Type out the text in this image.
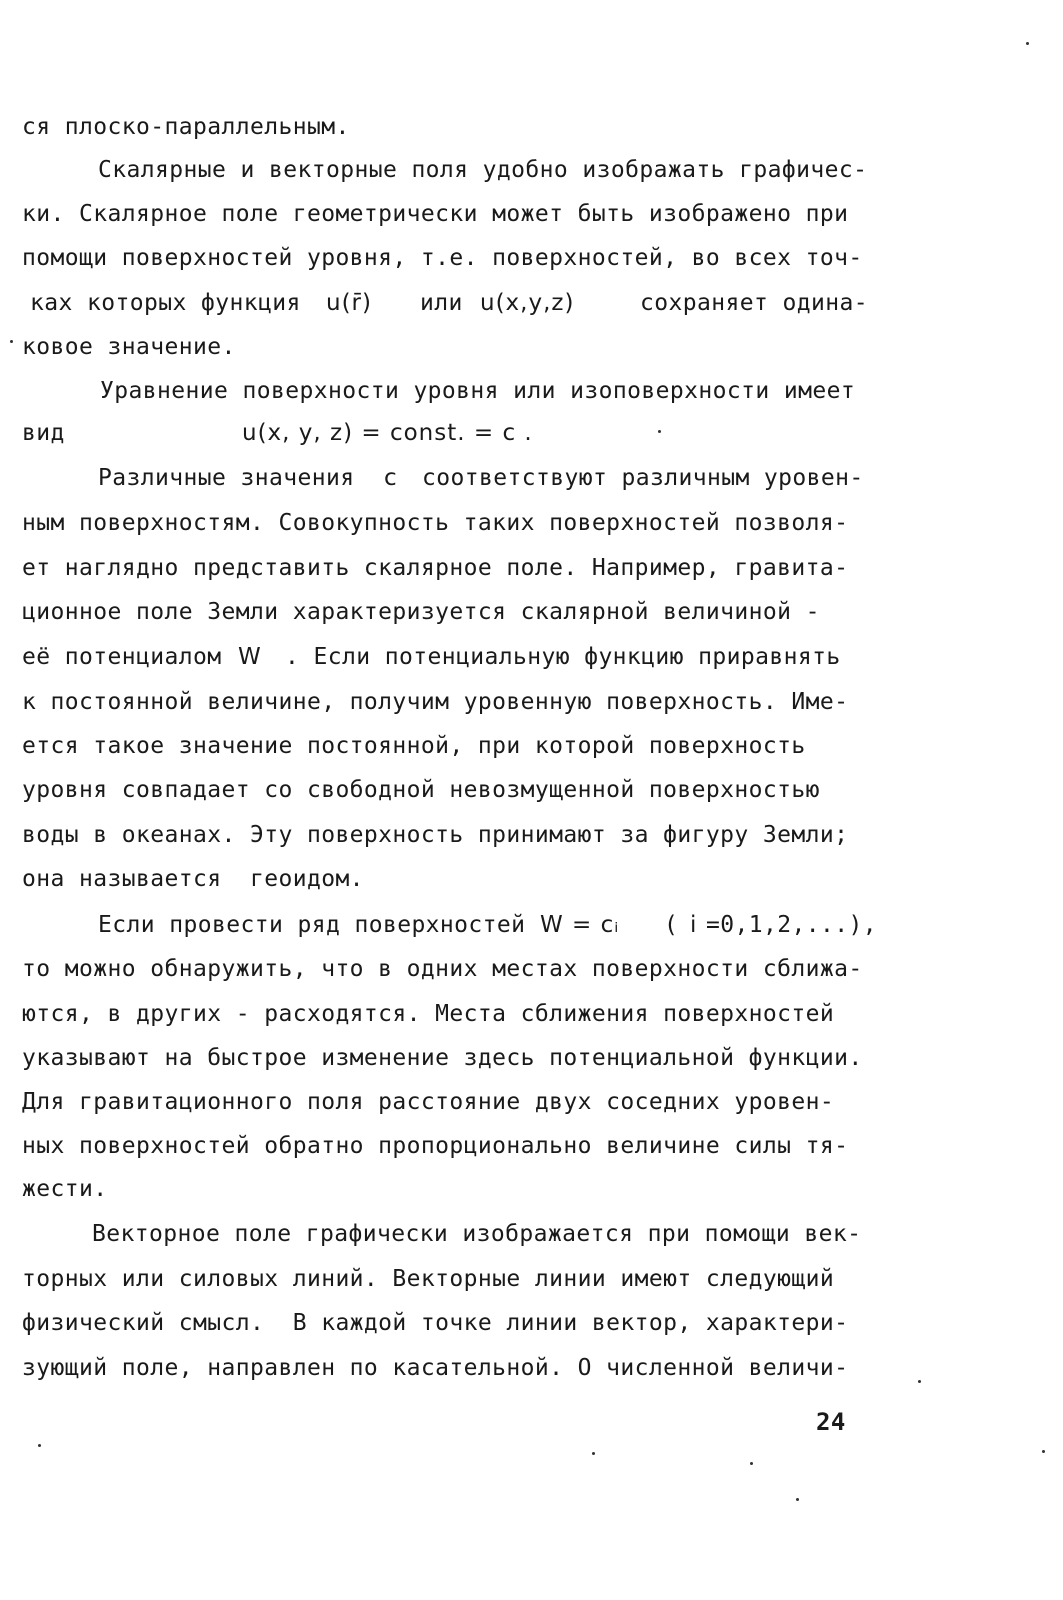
ся плоско-параллельным.
Скалярные и векторные поля удобно изображать графичес-
ки. Скалярное поле геометрически может быть изображено при
помощи поверхностей уровня, т.е. поверхностей, во всех точ-
ках которых функция u(r̄) или u(x,y,z)	сохраняет одина-
ковое значение.
Уравнение поверхности уровня или изоповерхности имеет
вид	u(x, y, z) = const. = c .
Различные значения c соответствуют различным уровен-
ным поверхностям. Совокупность таких поверхностей позволя-
ет наглядно представить скалярное поле. Например, гравита-
ционное поле Земли характеризуется скалярной величиной -
её потенциалом W . Если потенциальную функцию приравнять
к постоянной величине, получим уровенную поверхность. Име-
ется такое значение постоянной, при которой поверхность
уровня совпадает со свободной невозмущенной поверхностью
воды в океанах. Эту поверхность принимают за фигуру Земли;
она называется  геоидом.
Если провести ряд поверхностей W = cᵢ ( i =0,1,2,...),
то можно обнаружить, что в одних местах поверхности сближа-
ются, в других - расходятся. Места сближения поверхностей
указывают на быстрое изменение здесь потенциальной функции.
Для гравитационного поля расстояние двух соседних уровен-
ных поверхностей обратно пропорционально величине силы тя-
жести.
Векторное поле графически изображается при помощи век-
торных или силовых линий. Векторные линии имеют следующий
физический смысл.  В каждой точке линии вектор, характери-
зующий поле, направлен по касательной. О численной величи-
24
